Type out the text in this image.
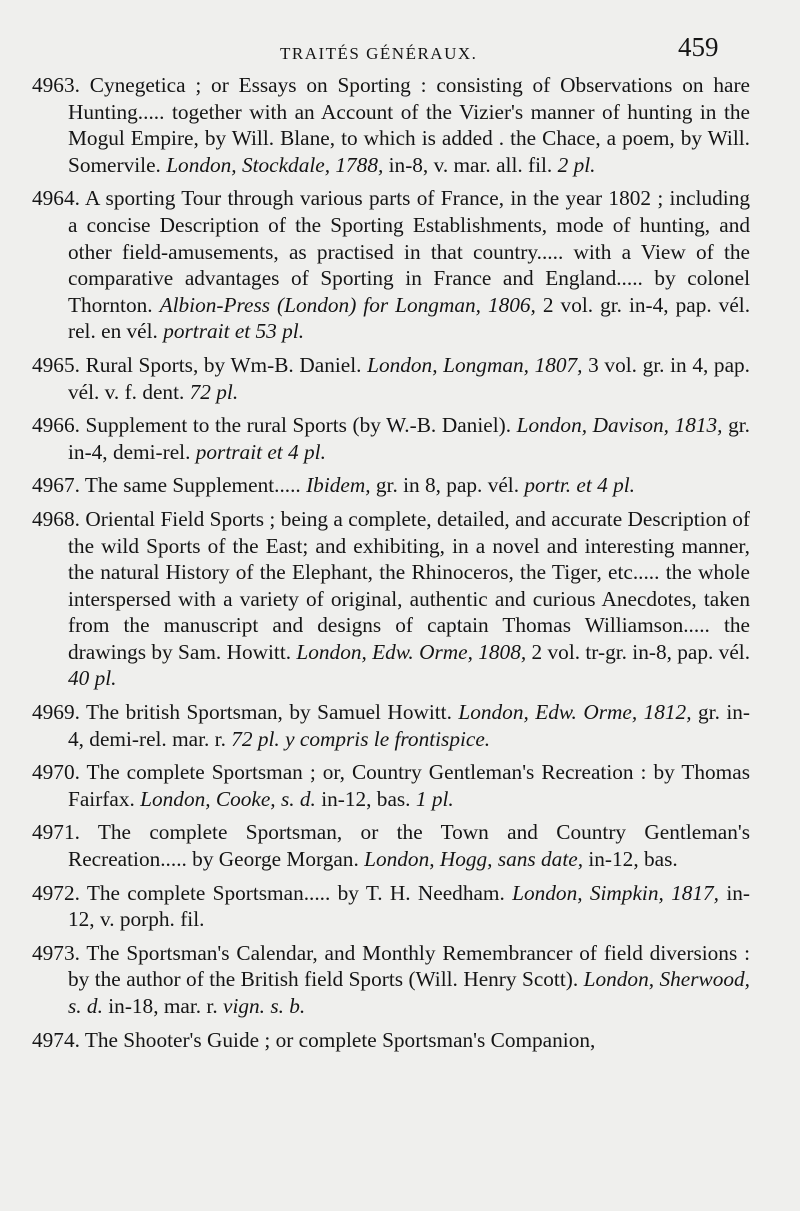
TRAITÉS GÉNÉRAUX.	459

4963. Cynegetica ; or Essays on Sporting : consisting of Observations on hare Hunting..... together with an Account of the Vizier's manner of hunting in the Mogul Empire, by Will. Blane, to which is added . the Chace, a poem, by Will. Somervile. London, Stockdale, 1788, in-8, v. mar. all. fil. 2 pl.

4964. A sporting Tour through various parts of France, in the year 1802 ; including a concise Description of the Sporting Establishments, mode of hunting, and other field-amusements, as practised in that country..... with a View of the comparative advantages of Sporting in France and England..... by colonel Thornton. Albion-Press (London) for Longman, 1806, 2 vol. gr. in-4, pap. vél. rel. en vél. portrait et 53 pl.

4965. Rural Sports, by Wm-B. Daniel. London, Longman, 1807, 3 vol. gr. in 4, pap. vél. v. f. dent. 72 pl.

4966. Supplement to the rural Sports (by W.-B. Daniel). London, Davison, 1813, gr. in-4, demi-rel. portrait et 4 pl.

4967. The same Supplement..... Ibidem, gr. in 8, pap. vél. portr. et 4 pl.

4968. Oriental Field Sports ; being a complete, detailed, and accurate Description of the wild Sports of the East; and exhibiting, in a novel and interesting manner, the natural History of the Elephant, the Rhinoceros, the Tiger, etc..... the whole interspersed with a variety of original, authentic and curious Anecdotes, taken from the manuscript and designs of captain Thomas Williamson..... the drawings by Sam. Howitt. London, Edw. Orme, 1808, 2 vol. tr-gr. in-8, pap. vél. 40 pl.

4969. The british Sportsman, by Samuel Howitt. London, Edw. Orme, 1812, gr. in-4, demi-rel. mar. r. 72 pl. y compris le frontispice.

4970. The complete Sportsman ; or, Country Gentleman's Recreation : by Thomas Fairfax. London, Cooke, s. d. in-12, bas. 1 pl.

4971. The complete Sportsman, or the Town and Country Gentleman's Recreation..... by George Morgan. London, Hogg, sans date, in-12, bas.

4972. The complete Sportsman..... by T. H. Needham. London, Simpkin, 1817, in-12, v. porph. fil.

4973. The Sportsman's Calendar, and Monthly Remembrancer of field diversions : by the author of the British field Sports (Will. Henry Scott). London, Sherwood, s. d. in-18, mar. r. vign. s. b.

4974. The Shooter's Guide ; or complete Sportsman's Companion,
